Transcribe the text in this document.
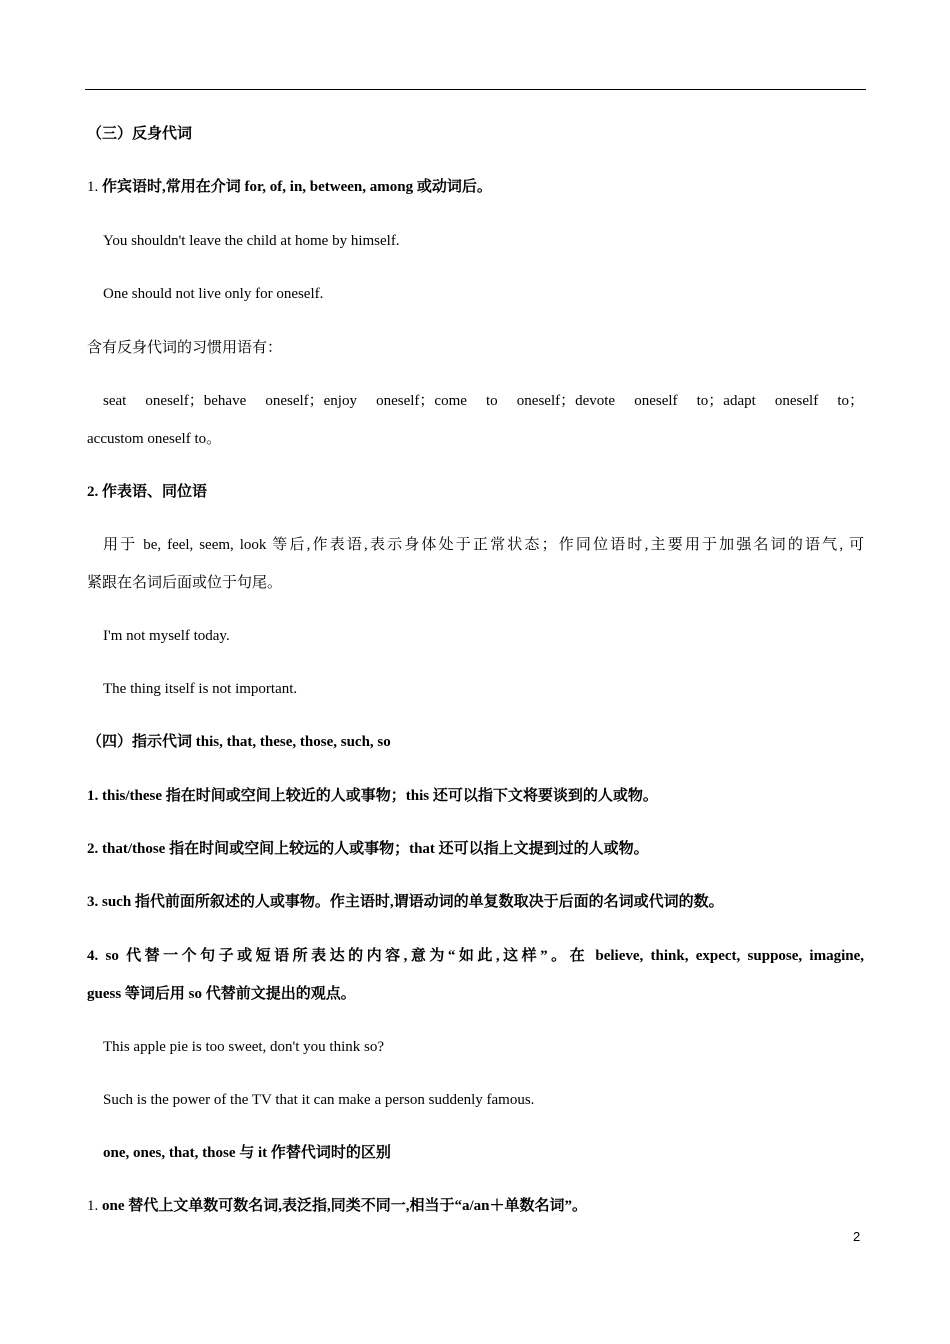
（三）反身代词

1. 作宾语时,常用在介词 for, of, in, between, among 或动词后。

You shouldn't leave the child at home by himself.

One should not live only for oneself.

含有反身代词的习惯用语有：

seat oneself；behave oneself；enjoy oneself；come to oneself；devote oneself to；adapt oneself to；

accustom oneself to。

2. 作表语、同位语

用于 be, feel, seem, look 等后,作表语,表示身体处于正常状态；作同位语时,主要用于加强名词的语气, 可

紧跟在名词后面或位于句尾。

I'm not myself today.

The thing itself is not important.

（四）指示代词 this, that, these, those, such, so

1. this/these 指在时间或空间上较近的人或事物；this 还可以指下文将要谈到的人或物。

2. that/those 指在时间或空间上较远的人或事物；that 还可以指上文提到过的人或物。

3. such 指代前面所叙述的人或事物。作主语时,谓语动词的单复数取决于后面的名词或代词的数。

4. so 代替一个句子或短语所表达的内容,意为“如此,这样”。在 believe, think, expect, suppose, imagine,

guess 等词后用 so 代替前文提出的观点。

This apple pie is too sweet, don't you think so?

Such is the power of the TV that it can make a person suddenly famous.

one, ones, that, those 与 it 作替代词时的区别

1. one 替代上文单数可数名词,表泛指,同类不同一,相当于“a/an＋单数名词”。

2
